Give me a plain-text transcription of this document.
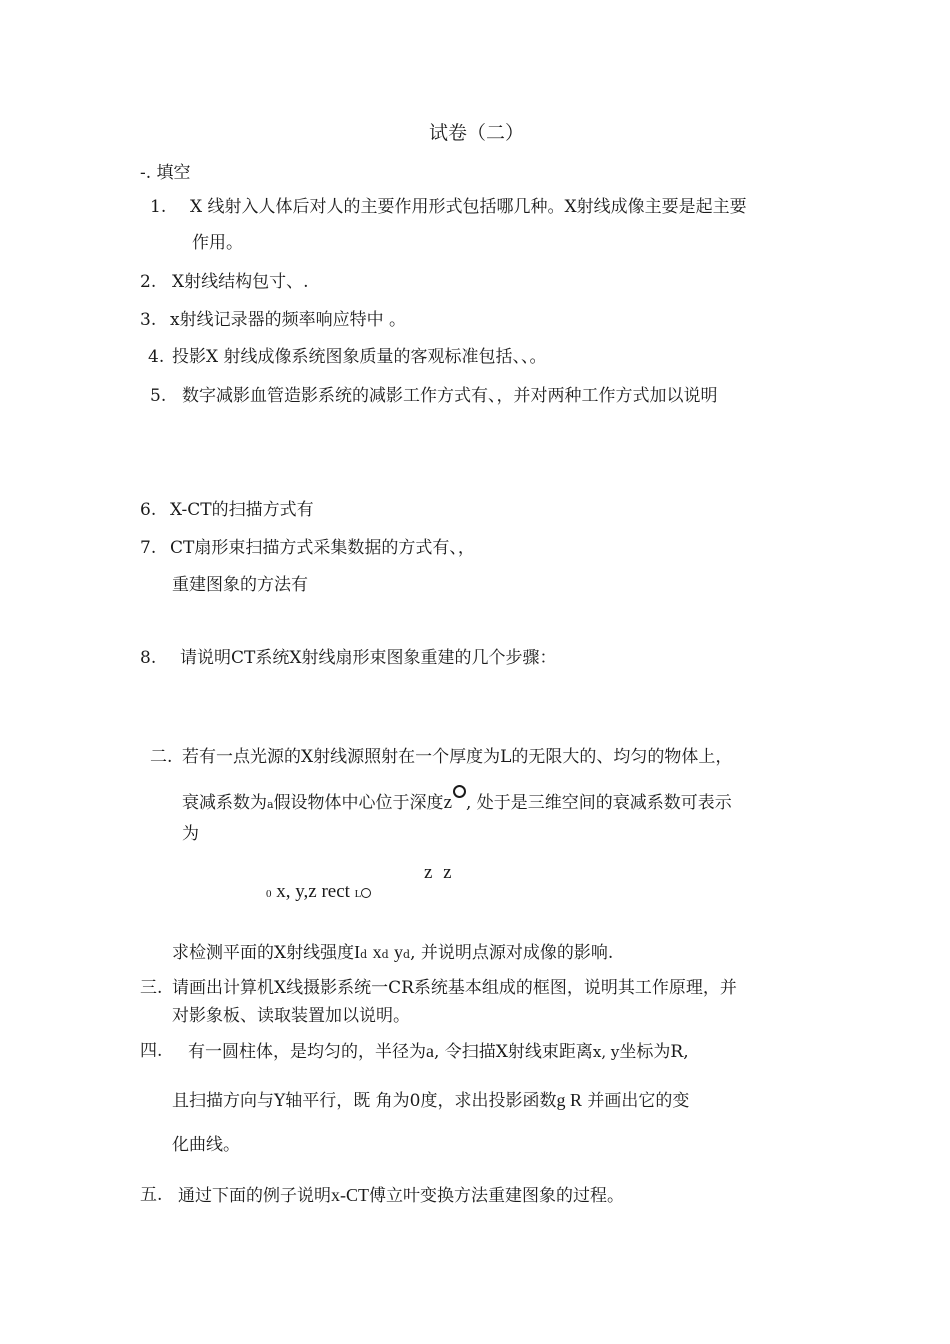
试卷（二）
-. 填空
1. X 线射入人体后对人的主要作用形式包括哪几种。X射线成像主要是起主要
作用。
2. X射线结构包寸、.
3. x射线记录器的频率响应特中 。
4. 投影X 射线成像系统图象质量的客观标准包括、、。
5. 数字减影血管造影系统的减影工作方式有、，并对两种工作方式加以说明
6. X-CT的扫描方式有
7. CT扇形束扫描方式采集数据的方式有、，
重建图象的方法有
8. 请说明CT系统X射线扇形束图象重建的几个步骤：
二. 若有一点光源的X射线源照射在一个厚度为L的无限大的、均匀的物体上，
衰减系数为a假设物体中心位于深度z , 处于是三维空间的衰减系数可表示
为
z z
0 x, y,z rect L
求检测平面的X射线强度Id xd yd, 并说明点源对成像的影响.
三. 请画出计算机X线摄影系统一CR系统基本组成的框图，说明其工作原理，并
对影象板、读取装置加以说明。
四. 有一圆柱体，是均匀的，半径为a, 令扫描X射线束距离x, y坐标为R,
且扫描方向与Y轴平行，既 角为0度，求出投影函数g R 并画出它的变
化曲线。
五. 通过下面的例子说明x-CT傅立叶变换方法重建图象的过程。
